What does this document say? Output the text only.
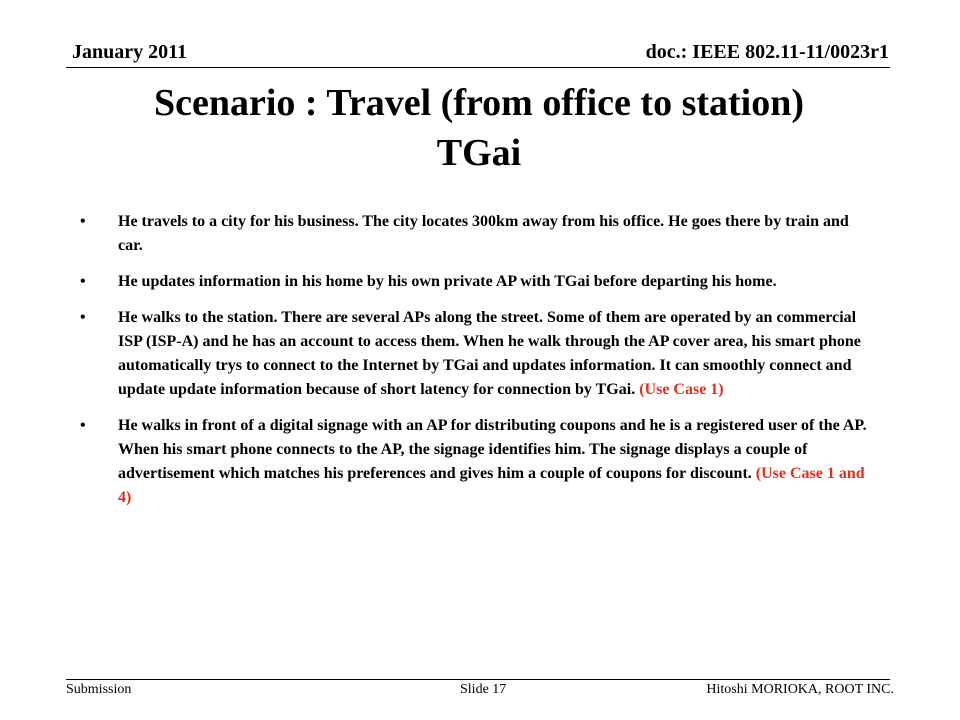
January 2011	doc.: IEEE 802.11-11/0023r1
Scenario : Travel (from office to station)
TGai
• He travels to a city for his business. The city locates 300km away from his office. He goes there by train and car.
• He updates information in his home by his own private AP with TGai before departing his home.
• He walks to the station. There are several APs along the street. Some of them are operated by an commercial ISP (ISP-A) and he has an account to access them. When he walk through the AP cover area, his smart phone automatically trys to connect to the Internet by TGai and updates information. It can smoothly connect and update update information because of short latency for connection by TGai. (Use Case 1)
• He walks in front of a digital signage with an AP for distributing coupons and he is a registered user of the AP. When his smart phone connects to the AP, the signage identifies him. The signage displays a couple of advertisement which matches his preferences and gives him a couple of coupons for discount. (Use Case 1 and 4)
Submission	Slide 17	Hitoshi MORIOKA, ROOT INC.
